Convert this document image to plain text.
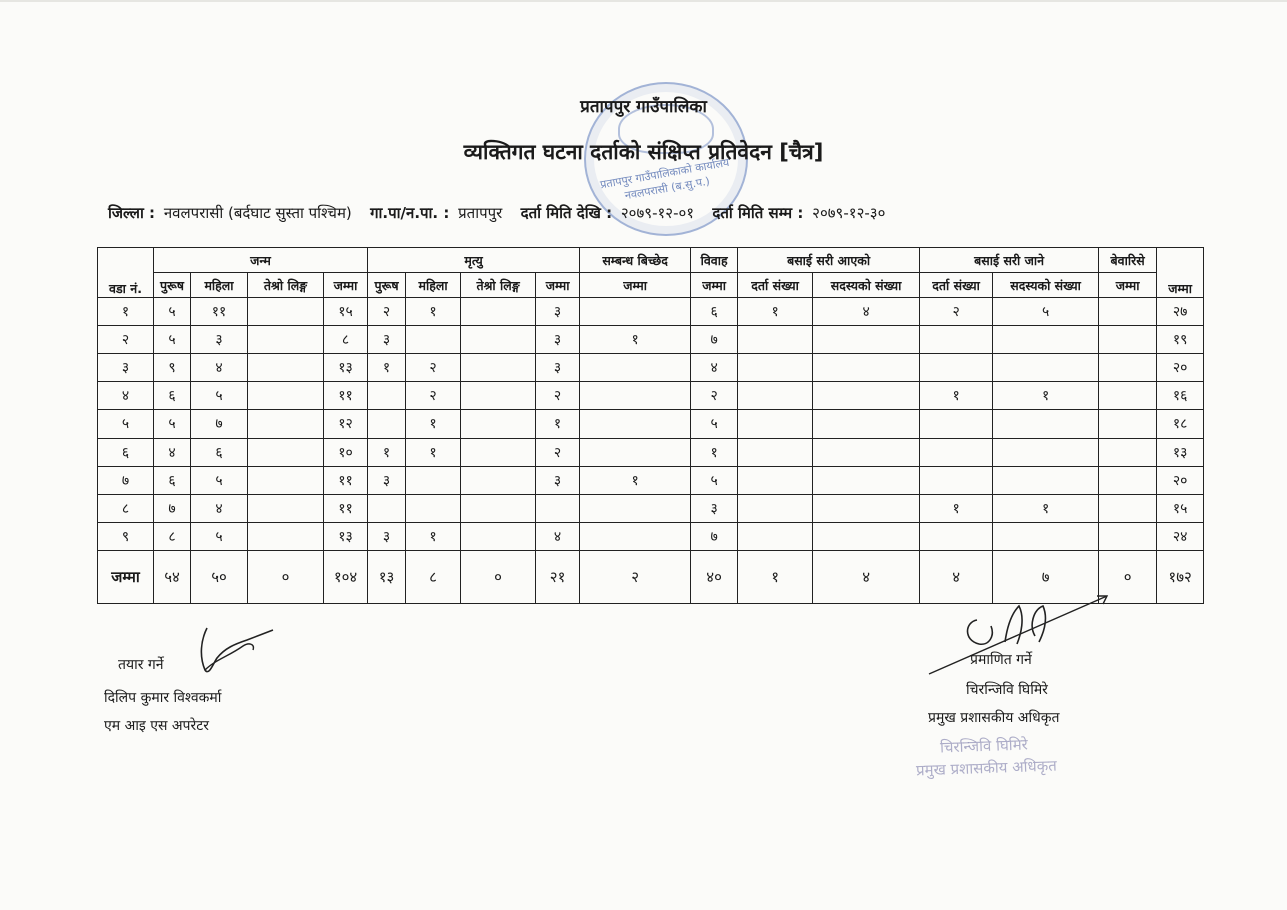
प्रतापपुर गाउँपालिकाको कार्यालय नवलपरासी (ब.सु.प.)
प्रतापपुर गाउँपालिका
व्यक्तिगत घटना दर्ताको संक्षिप्त प्रतिवेदन [चैत्र]
जिल्ला : नवलपरासी (बर्दघाट सुस्ता पश्चिम) गा.पा/न.पा. : प्रतापपुर दर्ता मिति देखि : २०७९-१२-०१ दर्ता मिति सम्म : २०७९-१२-३०
वडा नं.	जन्म				मृत्यु				सम्बन्ध बिच्छेद	विवाह	बसाई सरी आएको		बसाई सरी जाने		बेवारिसे	जम्मा
	पुरूष	महिला	तेश्रो लिङ्ग	जम्मा	पुरूष	महिला	तेश्रो लिङ्ग	जम्मा	जम्मा	जम्मा	दर्ता संख्या	सदस्यको संख्या	दर्ता संख्या	सदस्यको संख्या	जम्मा	
१	५	११		१५	२	१		३		६	१	४	२	५		२७
२	५	३		८	३			३	१	७						१९
३	९	४		१३	१	२		३		४						२०
४	६	५		११		२		२		२			१	१		१६
५	५	७		१२		१		१		५						१८
६	४	६		१०	१	१		२		१						१३
७	६	५		११	३			३	१	५						२०
८	७	४		११						३			१	१		१५
९	८	५		१३	३	१		४		७						२४
जम्मा	५४	५०	०	१०४	१३	८	०	२१	२	४०	१	४	४	७	०	१७२
तयार गर्ने
दिलिप कुमार विश्वकर्मा
एम आइ एस अपरेटर
प्रमाणित गर्ने
चिरन्जिवि घिमिरे
प्रमुख प्रशासकीय अधिकृत
चिरन्जिवि घिमिरे
प्रमुख प्रशासकीय अधिकृत
